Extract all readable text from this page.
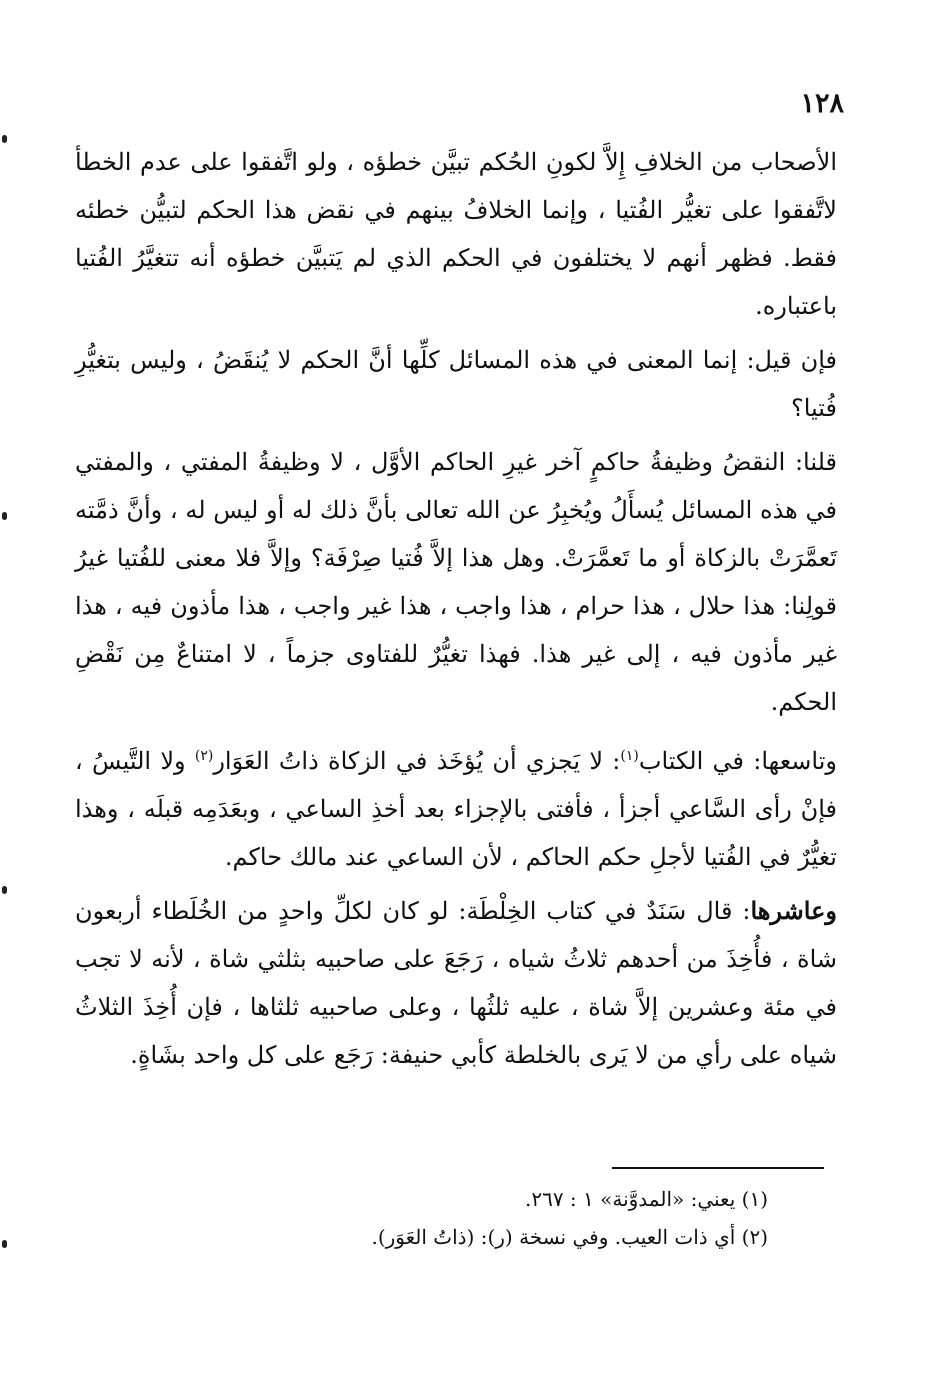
١٢٨

الأصحاب من الخلافِ إِلاَّ لكونِ الحُكم تبيَّن خطؤه ، ولو اتَّفقوا على عدم الخطأ لاتَّفقوا على تغيُّر الفُتيا ، وإنما الخلافُ بينهم في نقض هذا الحكم لتبيُّن خطئه فقط. فظهر أنهم لا يختلفون في الحكم الذي لم يَتبيَّن خطؤه أنه تتغيَّرُ الفُتيا باعتباره.

فإن قيل: إنما المعنى في هذه المسائل كلِّها أنَّ الحكم لا يُنقَضُ ، وليس بتغيُّرِ فُتيا؟

قلنا: النقضُ وظيفةُ حاكمٍ آخر غيرِ الحاكم الأوَّل ، لا وظيفةُ المفتي ، والمفتي في هذه المسائل يُسأَلُ ويُخبِرُ عن الله تعالى بأنَّ ذلك له أو ليس له ، وأنَّ ذمَّته تَعمَّرَتْ بالزكاة أو ما تَعمَّرَتْ. وهل هذا إلاَّ فُتيا صِرْفَة؟ وإلاَّ فلا معنى للفُتيا غيرُ قولِنا: هذا حلال ، هذا حرام ، هذا واجب ، هذا غير واجب ، هذا مأذون فيه ، هذا غير مأذون فيه ، إلى غير هذا. فهذا تغيُّرٌ للفتاوى جزماً ، لا امتناعٌ مِن نَقْضِ الحكم.

وتاسعها: في الكتاب$^{(١)}$: لا يَجزي أن يُؤخَذ في الزكاة ذاتُ العَوَار$^{(٢)}$ ولا التَّيسُ ، فإنْ رأى السَّاعي أجزأ ، فأفتى بالإجزاء بعد أخذِ الساعي ، وبعَدَمِه قبلَه ، وهذا تغيُّرٌ في الفُتيا لأجلِ حكم الحاكم ، لأن الساعي عند مالك حاكم.

وعاشرها: قال سَنَدٌ في كتاب الخِلْطَة: لو كان لكلِّ واحدٍ من الخُلَطاء أربعون شاة ، فأُخِذَ من أحدهم ثلاثُ شياه ، رَجَعَ على صاحبيه بثلثي شاة ، لأنه لا تجب في مئة وعشرين إلاَّ شاة ، عليه ثلثُها ، وعلى صاحبيه ثلثاها ، فإن أُخِذَ الثلاثُ شياه على رأي من لا يَرى بالخلطة كأبي حنيفة: رَجَع على كل واحد بشَاةٍ.

(١) يعني: «المدوَّنة» ١ : ٢٦٧.

(٢) أي ذات العيب. وفي نسخة (ر): (ذاتُ العَوَر).
